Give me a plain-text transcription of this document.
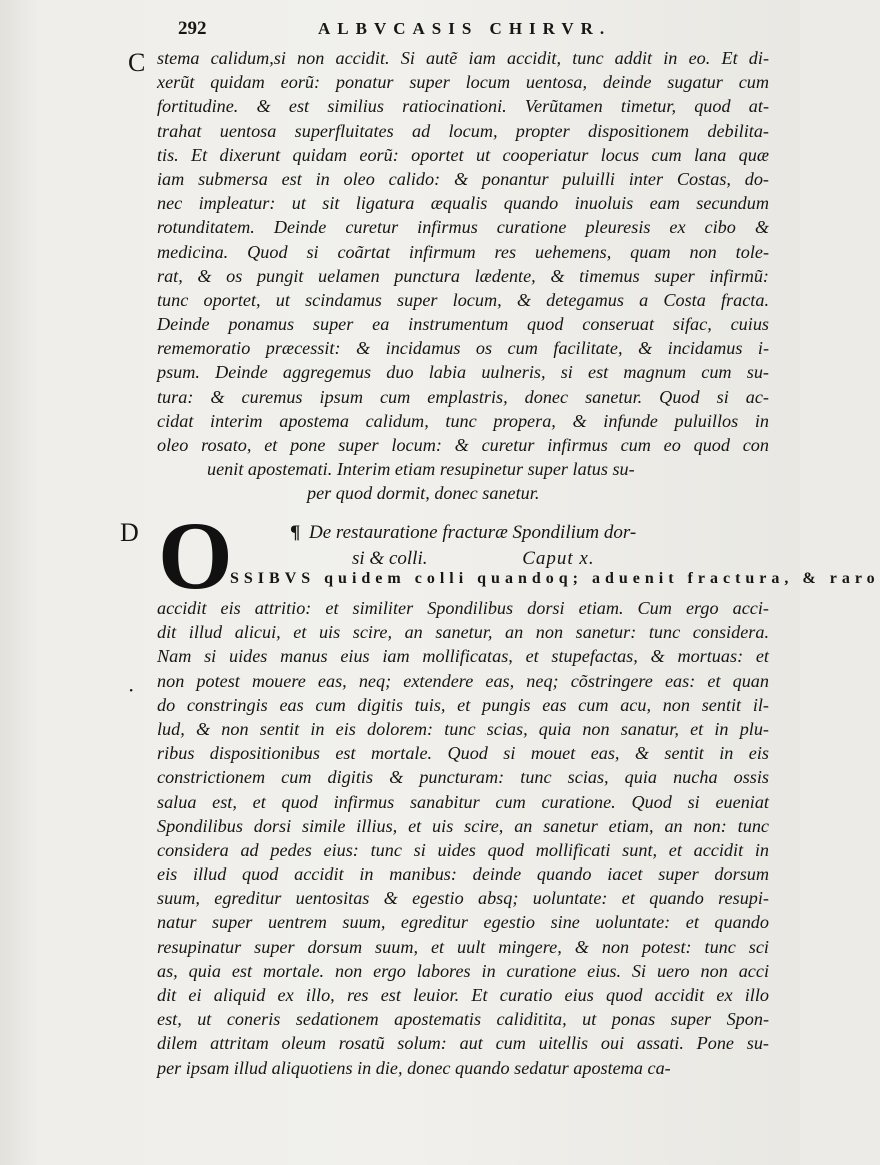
292	ALBVCASIS CHIRVR.
C
D
stema calidum,si non accidit. Si autẽ iam accidit, tunc addit in eo. Et di-
xerũt quidam eorũ: ponatur super locum uentosa, deinde sugatur cum
fortitudine. & est similius ratiocinationi. Verũtamen timetur, quod at-
trahat uentosa superfluitates ad locum, propter dispositionem debilita-
tis. Et dixerunt quidam eorũ: oportet ut cooperiatur locus cum lana quæ
iam submersa est in oleo calido: & ponantur puluilli inter Costas, do-
nec impleatur: ut sit ligatura æqualis quando inuoluis eam secundum
rotunditatem. Deinde curetur infirmus curatione pleuresis ex cibo &
medicina. Quod si coãrtat infirmum res uehemens, quam non tole-
rat, & os pungit uelamen punctura lædente, & timemus super infirmũ:
tunc oportet, ut scindamus super locum, & detegamus a Costa fracta.
Deinde ponamus super ea instrumentum quod conseruat sifac, cuius
rememoratio præcessit: & incidamus os cum facilitate, & incidamus i-
psum. Deinde aggregemus duo labia uulneris, si est magnum cum su-
tura: & curemus ipsum cum emplastris, donec sanetur. Quod si ac-
cidat interim apostema calidum, tunc propera, & infunde puluillos in
oleo rosato, et pone super locum: & curetur infirmus cum eo quod con
uenit apostemati. Interim etiam resupinetur super latus su-
per quod dormit, donec sanetur.
O	¶ De restauratione fracturæ Spondilium dor-
si & colli.	Caput x.
SSIBVS quidem colli quandoq; aduenit fractura, & raro
accidit eis attritio: et similiter Spondilibus dorsi etiam. Cum ergo acci-
dit illud alicui, et uis scire, an sanetur, an non sanetur: tunc considera.
Nam si uides manus eius iam mollificatas, et stupefactas, & mortuas: et
non potest mouere eas, neq; extendere eas, neq; cõstringere eas: et quan
do constringis eas cum digitis tuis, et pungis eas cum acu, non sentit il-
lud, & non sentit in eis dolorem: tunc scias, quia non sanatur, et in plu-
ribus dispositionibus est mortale. Quod si mouet eas, & sentit in eis
constrictionem cum digitis & puncturam: tunc scias, quia nucha ossis
salua est, et quod infirmus sanabitur cum curatione. Quod si eueniat
Spondilibus dorsi simile illius, et uis scire, an sanetur etiam, an non: tunc
considera ad pedes eius: tunc si uides quod mollificati sunt, et accidit in
eis illud quod accidit in manibus: deinde quando iacet super dorsum
suum, egreditur uentositas & egestio absq; uoluntate: et quando resupi-
natur super uentrem suum, egreditur egestio sine uoluntate: et quando
resupinatur super dorsum suum, et uult mingere, & non potest: tunc sci
as, quia est mortale. non ergo labores in curatione eius. Si uero non acci
dit ei aliquid ex illo, res est leuior. Et curatio eius quod accidit ex illo
est, ut coneris sedationem apostematis caliditita, ut ponas super Spon-
dilem attritam oleum rosatũ solum: aut cum uitellis oui assati. Pone su-
per ipsam illud aliquotiens in die, donec quando sedatur apostema ca-
·
